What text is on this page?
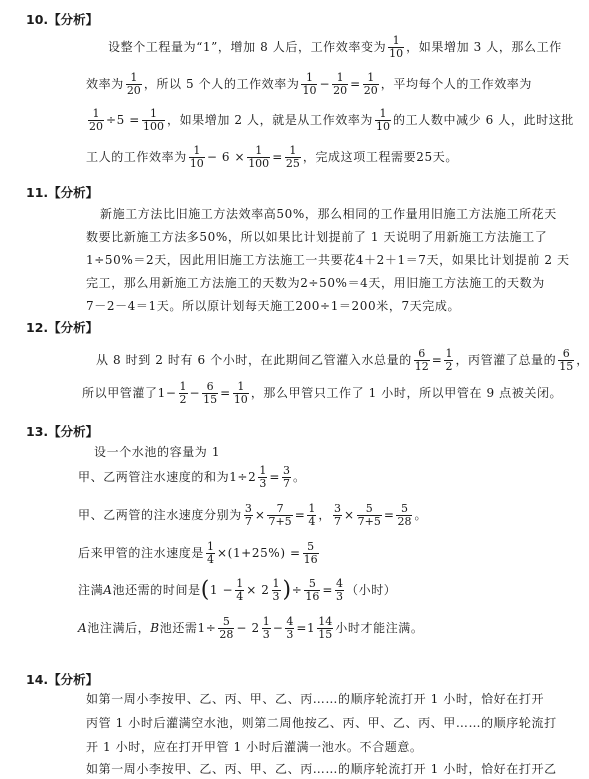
10.【分析】
设整个工程量为“1”，增加 8 人后，工作效率变为 $\frac{1}{10}$ ，如果增加 3 人，那么工作
效率为 $\frac{1}{20}$ ，所以 5 个人的工作效率为 $\frac{1}{10} - \frac{1}{20} = \frac{1}{20}$ ，平均每个人的工作效率为
$\frac{1}{20} \div 5 = \frac{1}{100}$ ，如果增加 2 人，就是从工作效率为 $\frac{1}{10}$ 的工人数中减少 6 人，此时这批
工人的工作效率为 $\frac{1}{10} - 6 \times \frac{1}{100} = \frac{1}{25}$ ，完成这项工程需要25天。
11.【分析】
新施工方法比旧施工方法效率高50%，那么相同的工作量用旧施工方法施工所花天
数要比新施工方法多50%，所以如果比计划提前了 1 天说明了用新施工方法施工了
1÷50%＝2天，因此用旧施工方法施工一共要花4＋2＋1＝7天，如果比计划提前 2 天
完工，那么用新施工方法施工的天数为2÷50%＝4天，用旧施工方法施工的天数为
7－2－4＝1天。所以原计划每天施工200÷1＝200米，7天完成。
12.【分析】
从 8 时到 2 时有 6 个小时，在此期间乙管灌入水总量的 $\frac{6}{12} = \frac{1}{2}$ ，丙管灌了总量的 $\frac{6}{15}$ ，
所以甲管灌了$1- \frac{1}{2} - \frac{6}{15} = \frac{1}{10}$ ，那么甲管只工作了 1 小时，所以甲管在 9 点被关闭。
13.【分析】
设一个水池的容量为 1
甲、乙两管注水速度的和为$1\div 2 \frac{1}{3} = \frac{3}{7}$ 。
甲、乙两管的注水速度分别为 $\frac{3}{7} \times \frac{7}{7+5} = \frac{1}{4}$ ， $\frac{3}{7} \times \frac{5}{7+5} = \frac{5}{28}$ 。
后来甲管的注水速度是 $\frac{1}{4} \times(1+25\%) = \frac{5}{16}$
注满A池还需的时间是($1 - \frac{1}{4} \times 2 \frac{1}{3}$ )÷ $\frac{5}{16} = \frac{4}{3}$ （小时）
A池注满后，B池还需$1\div \frac{5}{28} - 2 \frac{1}{3} - \frac{4}{3} =1 \frac{14}{15}$ 小时才能注满。
14.【分析】
如第一周小李按甲、乙、丙、甲、乙、丙……的顺序轮流打开 1 小时，恰好在打开
丙管 1 小时后灌满空水池，则第二周他按乙、丙、甲、乙、丙、甲……的顺序轮流打
开 1 小时，应在打开甲管 1 小时后灌满一池水。不合题意。
如第一周小李按甲、乙、丙、甲、乙、丙……的顺序轮流打开 1 小时，恰好在打开乙
